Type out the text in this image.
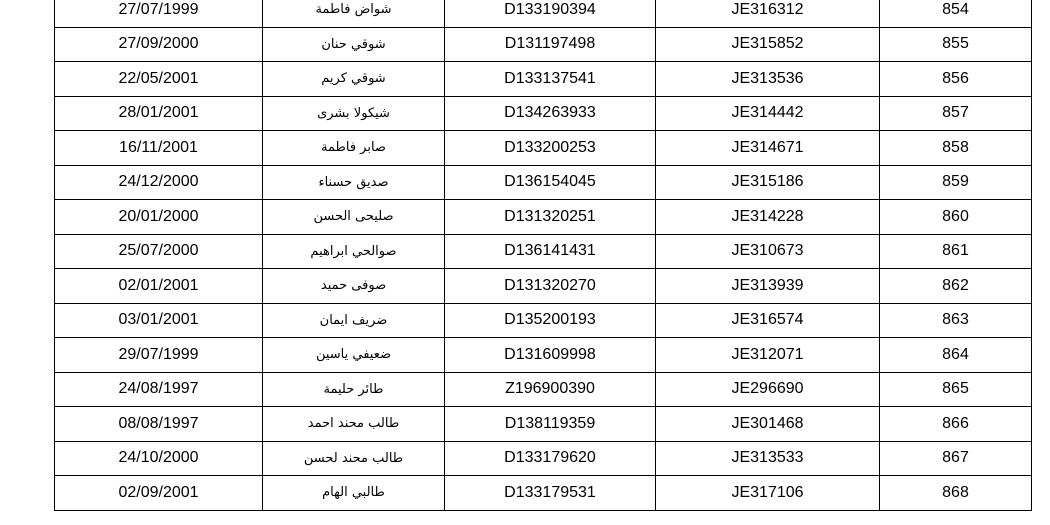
27/07/1999	شواض فاطمة	D133190394	JE316312	854
27/09/2000	شوقي حنان	D131197498	JE315852	855
22/05/2001	شوقي كريم	D133137541	JE313536	856
28/01/2001	شيكولا بشرى	D134263933	JE314442	857
16/11/2001	صابر فاطمة	D133200253	JE314671	858
24/12/2000	صديق حسناء	D136154045	JE315186	859
20/01/2000	صليحى الحسن	D131320251	JE314228	860
25/07/2000	صوالحي ابراهيم	D136141431	JE310673	861
02/01/2001	صوفى حميد	D131320270	JE313939	862
03/01/2001	ضريف ايمان	D135200193	JE316574	863
29/07/1999	ضعيفي ياسين	D131609998	JE312071	864
24/08/1997	طائر حليمة	Z196900390	JE296690	865
08/08/1997	طالب محند احمد	D138119359	JE301468	866
24/10/2000	طالب محند لحسن	D133179620	JE313533	867
02/09/2001	طالبي الهام	D133179531	JE317106	868
